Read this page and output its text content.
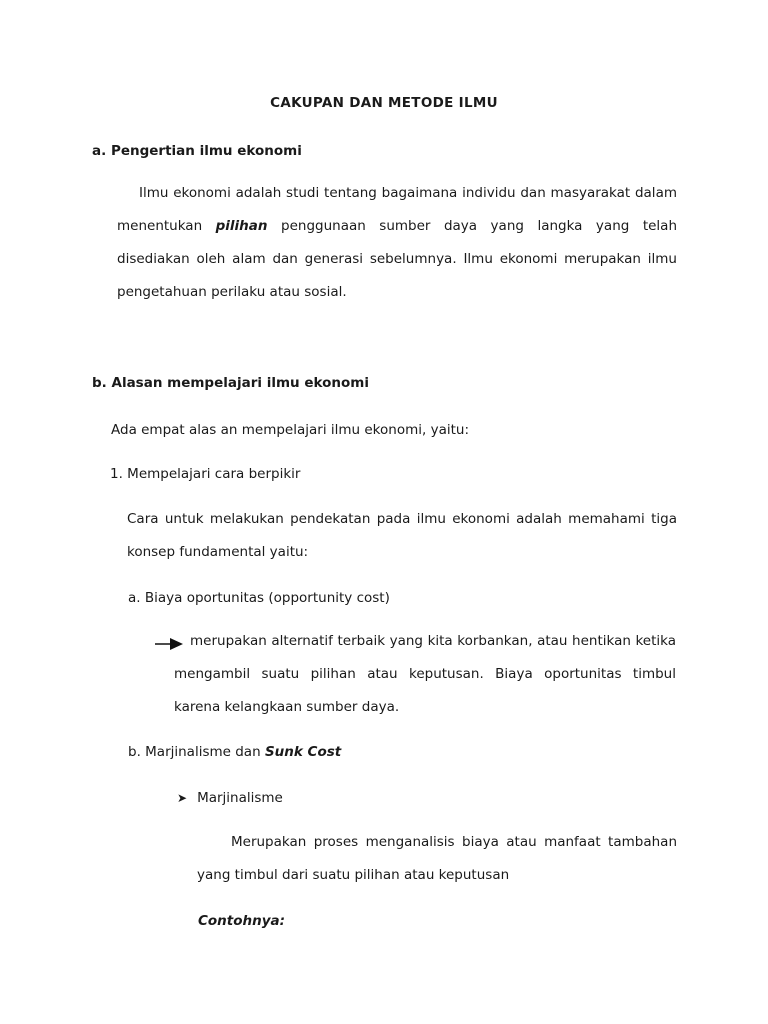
CAKUPAN DAN METODE ILMU
a. Pengertian ilmu ekonomi
Ilmu ekonomi adalah studi tentang bagaimana individu dan masyarakat dalam menentukan pilihan penggunaan sumber daya yang langka yang telah disediakan oleh alam dan generasi sebelumnya. Ilmu ekonomi merupakan ilmu pengetahuan perilaku atau sosial.
b. Alasan mempelajari ilmu ekonomi
Ada empat alas an mempelajari ilmu ekonomi, yaitu:
1. Mempelajari cara berpikir
Cara untuk melakukan pendekatan pada ilmu ekonomi adalah memahami tiga konsep fundamental yaitu:
a. Biaya oportunitas (opportunity cost)
merupakan alternatif terbaik yang kita korbankan, atau hentikan ketika mengambil suatu pilihan atau keputusan. Biaya oportunitas timbul karena kelangkaan sumber daya.
b. Marjinalisme dan Sunk Cost
➤ Marjinalisme
Merupakan proses menganalisis biaya atau manfaat tambahan yang timbul dari suatu pilihan atau keputusan
Contohnya:
